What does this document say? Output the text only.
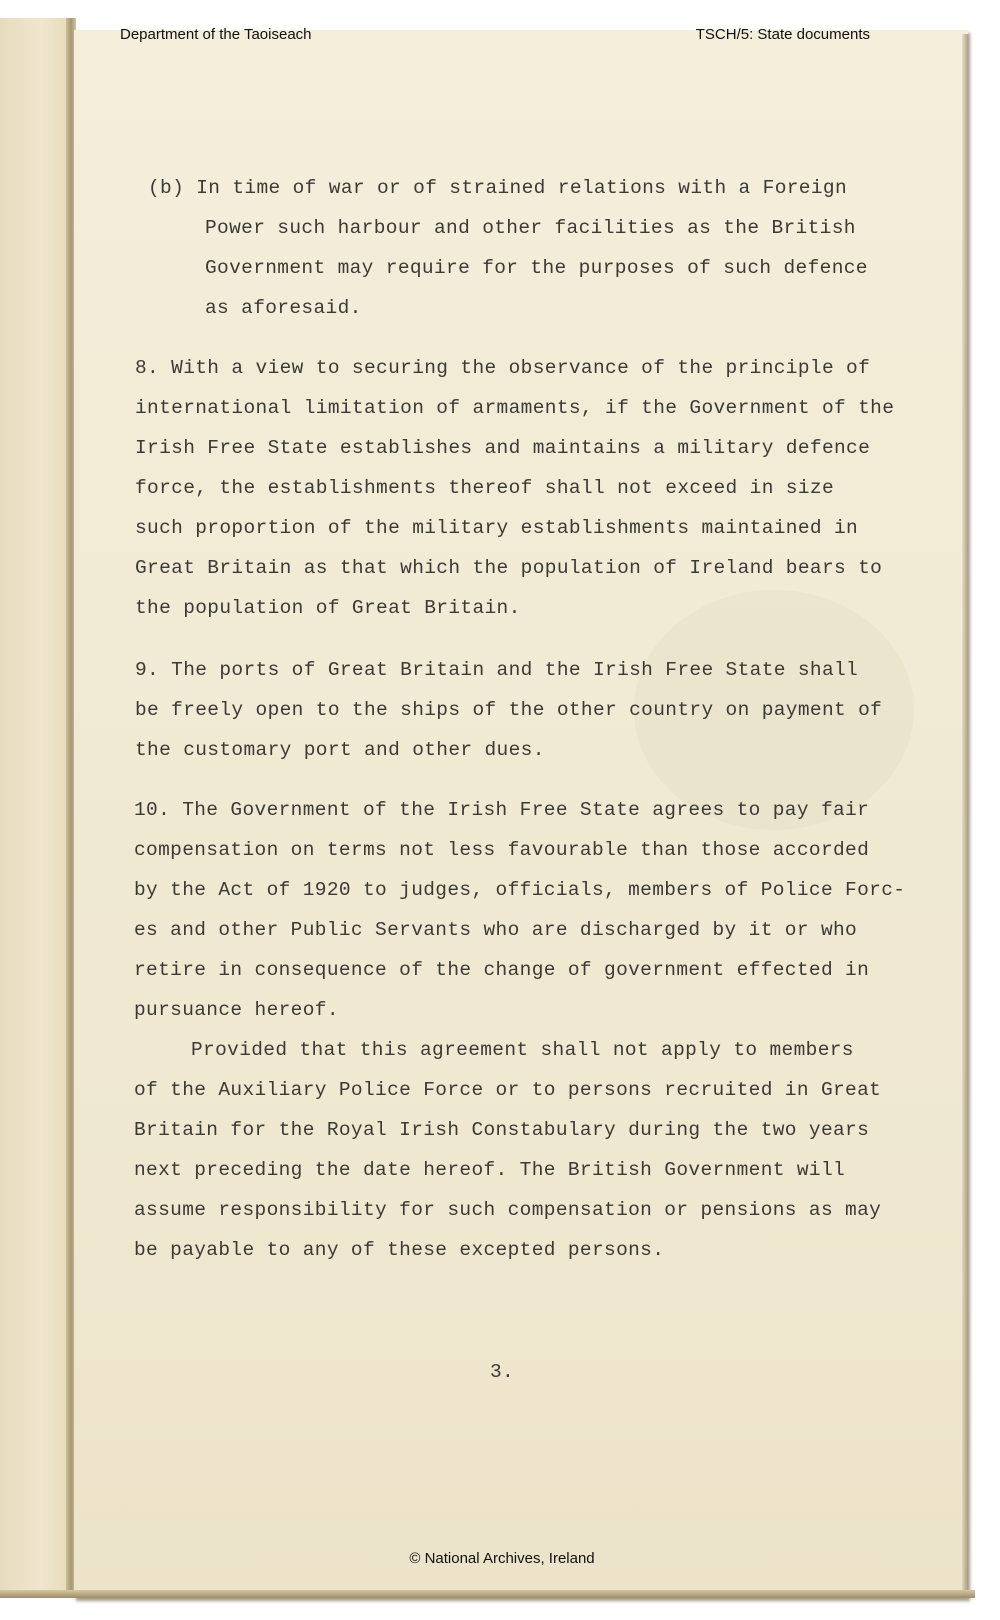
Department of the Taoiseach	TSCH/5: State documents
(b) In time of war or of strained relations with a Foreign
Power such harbour and other facilities as the British
Government may require for the purposes of such defence
as aforesaid.
8. With a view to securing the observance of the principle of
international limitation of armaments, if the Government of the
Irish Free State establishes and maintains a military defence
force, the establishments thereof shall not exceed in size
such proportion of the military establishments maintained in
Great Britain as that which the population of Ireland bears to
the population of Great Britain.
9. The ports of Great Britain and the Irish Free State shall
be freely open to the ships of the other country on payment of
the customary port and other dues.
10. The Government of the Irish Free State agrees to pay fair
compensation on terms not less favourable than those accorded
by the Act of 1920 to judges, officials, members of Police Forc-
es and other Public Servants who are discharged by it or who
retire in consequence of the change of government effected in
pursuance hereof.
Provided that this agreement shall not apply to members
of the Auxiliary Police Force or to persons recruited in Great
Britain for the Royal Irish Constabulary during the two years
next preceding the date hereof. The British Government will
assume responsibility for such compensation or pensions as may
be payable to any of these excepted persons.
3.
© National Archives, Ireland
